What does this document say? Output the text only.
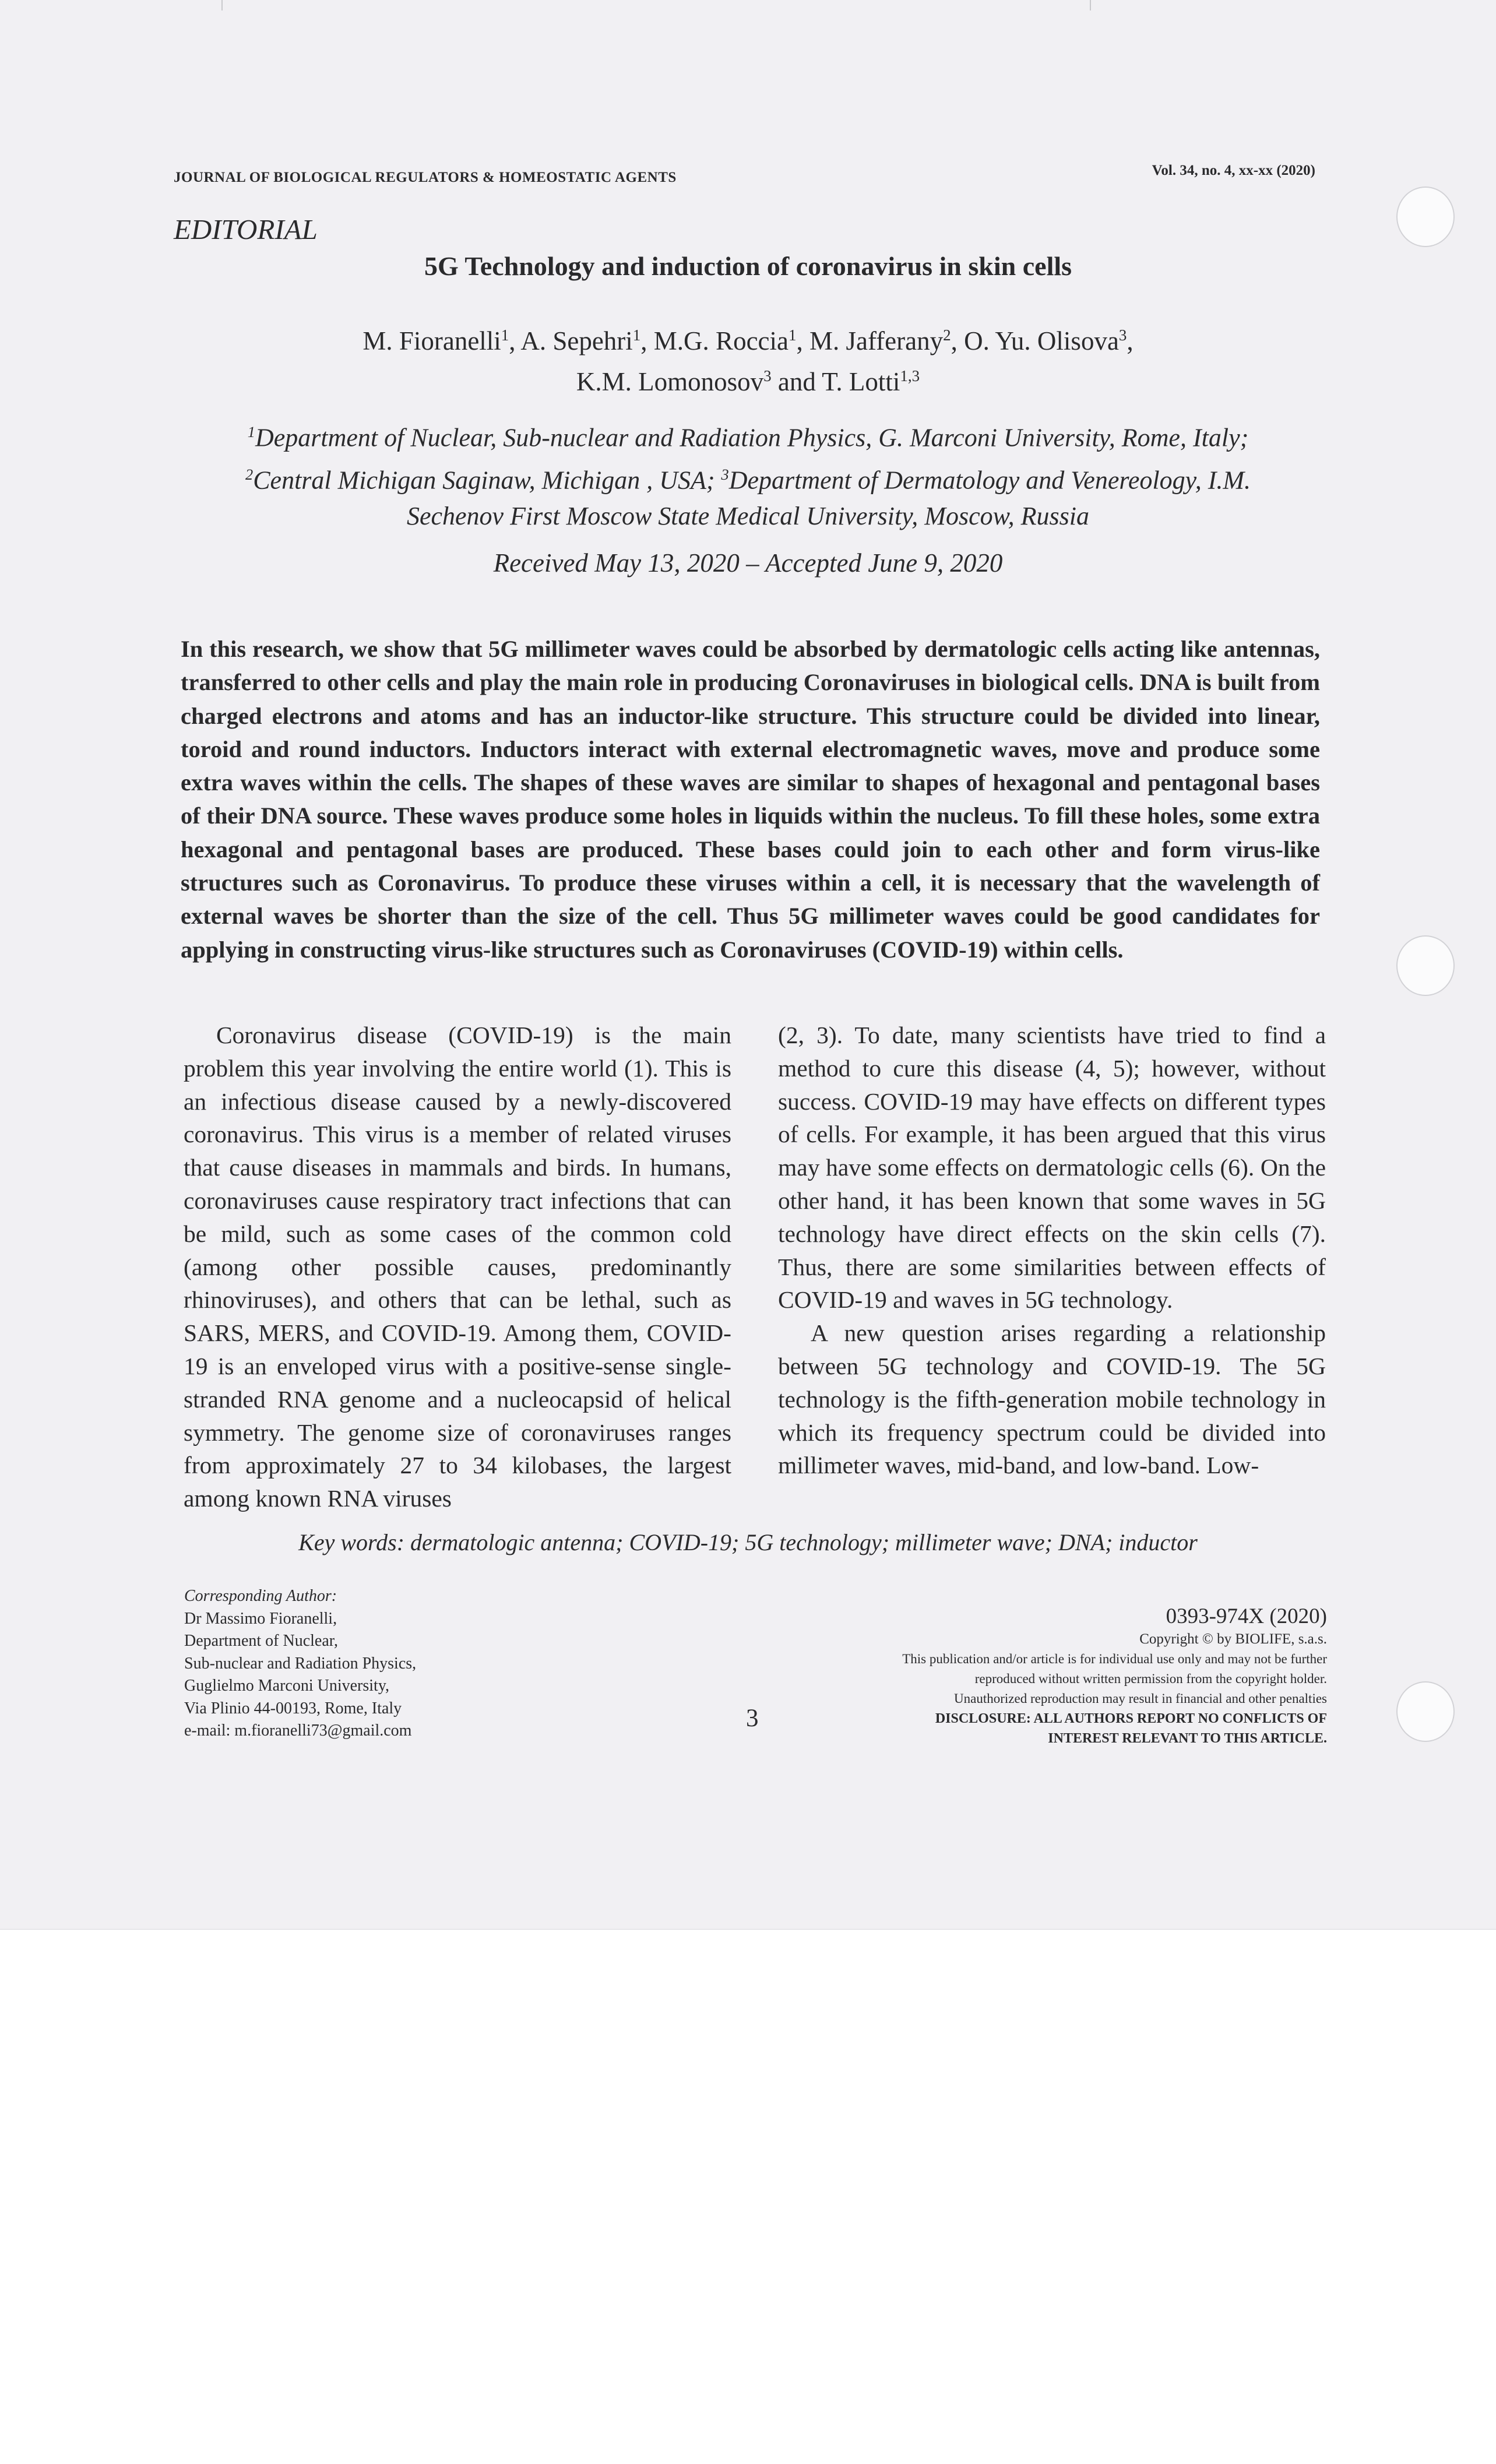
JOURNAL OF BIOLOGICAL REGULATORS & HOMEOSTATIC AGENTS	Vol. 34, no. 4, xx-xx (2020)
EDITORIAL
5G Technology and induction of coronavirus in skin cells
M. Fioranelli$^1$, A. Sepehri$^1$, M.G. Roccia$^1$, M. Jafferany$^2$, O. Yu. Olisova$^3$,
K.M. Lomonosov$^3$ and T. Lotti$^{1,3}$
$^1$Department of Nuclear, Sub-nuclear and Radiation Physics, G. Marconi University, Rome, Italy;
$^2$Central Michigan Saginaw, Michigan , USA; $^3$Department of Dermatology and Venereology, I.M.
Sechenov First Moscow State Medical University, Moscow, Russia
Received May 13, 2020 – Accepted June 9, 2020
In this research, we show that 5G millimeter waves could be absorbed by dermatologic cells acting like antennas, transferred to other cells and play the main role in producing Coronaviruses in biological cells. DNA is built from charged electrons and atoms and has an inductor-like structure. This structure could be divided into linear, toroid and round inductors. Inductors interact with external electromagnetic waves, move and produce some extra waves within the cells. The shapes of these waves are similar to shapes of hexagonal and pentagonal bases of their DNA source. These waves produce some holes in liquids within the nucleus. To fill these holes, some extra hexagonal and pentagonal bases are produced. These bases could join to each other and form virus-like structures such as Coronavirus. To produce these viruses within a cell, it is necessary that the wavelength of external waves be shorter than the size of the cell. Thus 5G millimeter waves could be good candidates for applying in constructing virus-like structures such as Coronaviruses (COVID-19) within cells.

Coronavirus disease (COVID-19) is the main problem this year involving the entire world (1). This is an infectious disease caused by a newly-discovered coronavirus. This virus is a member of related viruses that cause diseases in mammals and birds. In humans, coronaviruses cause respiratory tract infections that can be mild, such as some cases of the common cold (among other possible causes, predominantly rhinoviruses), and others that can be lethal, such as SARS, MERS, and COVID-19. Among them, COVID-19 is an enveloped virus with a positive-sense single-stranded RNA genome and a nucleocapsid of helical symmetry. The genome size of coronaviruses ranges from approximately 27 to 34 kilobases, the largest among known RNA viruses

(2, 3). To date, many scientists have tried to find a method to cure this disease (4, 5); however, without success. COVID-19 may have effects on different types of cells. For example, it has been argued that this virus may have some effects on dermatologic cells (6). On the other hand, it has been known that some waves in 5G technology have direct effects on the skin cells (7). Thus, there are some similarities between effects of COVID-19 and waves in 5G technology.

A new question arises regarding a relationship between 5G technology and COVID-19. The 5G technology is the fifth-generation mobile technology in which its frequency spectrum could be divided into millimeter waves, mid-band, and low-band. Low-

Key words: dermatologic antenna; COVID-19; 5G technology; millimeter wave; DNA; inductor
Corresponding Author:
Dr Massimo Fioranelli,
Department of Nuclear,
Sub-nuclear and Radiation Physics,
Guglielmo Marconi University,
Via Plinio 44-00193, Rome, Italy
e-mail: m.fioranelli73@gmail.com	3
0393-974X (2020)
Copyright © by BIOLIFE, s.a.s.
This publication and/or article is for individual use only and may not be further
reproduced without written permission from the copyright holder.
Unauthorized reproduction may result in financial and other penalties
DISCLOSURE: ALL AUTHORS REPORT NO CONFLICTS OF
INTEREST RELEVANT TO THIS ARTICLE.
